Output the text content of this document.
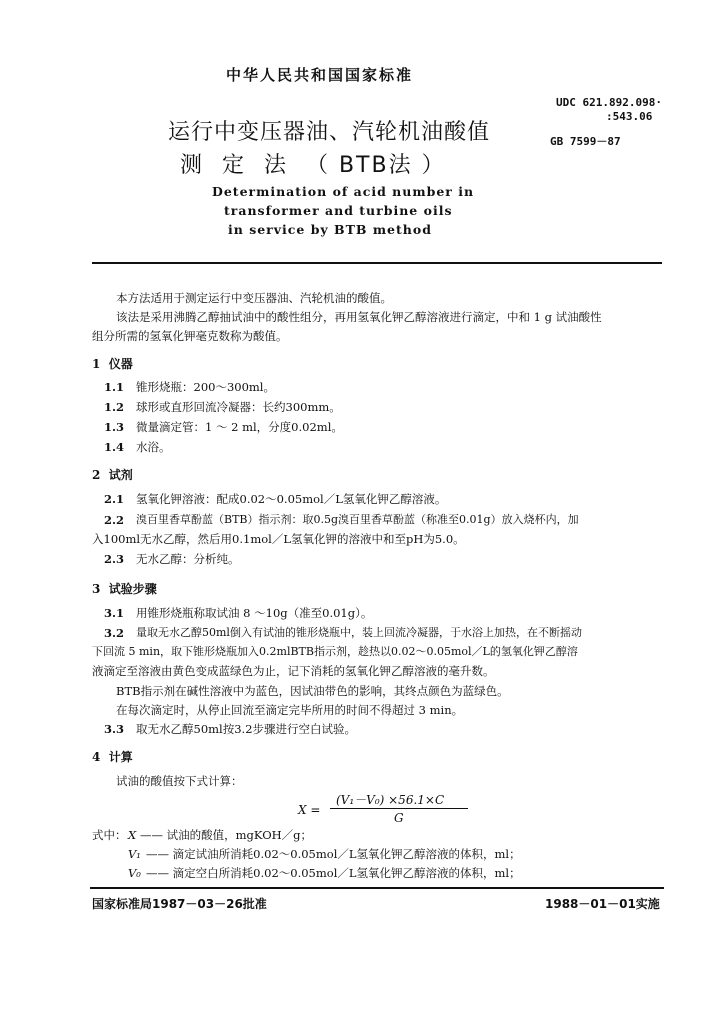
中华人民共和国国家标准
UDC 621.892.098·
:543.06
GB 7599－87
运行中变压器油、汽轮机油酸值
测  定  法  （ BTB法 ）
Determination of acid number in
transformer and turbine oils
in service by BTB method
本方法适用于测定运行中变压器油、汽轮机油的酸值。
该法是采用沸腾乙醇抽试油中的酸性组分，再用氢氧化钾乙醇溶液进行滴定，中和 1 g 试油酸性
组分所需的氢氧化钾毫克数称为酸值。
1  仪器
1.1 锥形烧瓶：200～300ml。
1.2 球形或直形回流冷凝器：长约300mm。
1.3 微量滴定管：1 ～ 2 ml，分度0.02ml。
1.4 水浴。
2  试剂
2.1 氢氧化钾溶液：配成0.02～0.05mol／L氢氧化钾乙醇溶液。
2.2 溴百里香草酚蓝（BTB）指示剂：取0.5g溴百里香草酚蓝（称准至0.01g）放入烧杯内，加
入100ml无水乙醇，然后用0.1mol／L氢氧化钾的溶液中和至pH为5.0。
2.3 无水乙醇：分析纯。
3  试验步骤
3.1 用锥形烧瓶称取试油 8 ～10g（准至0.01g）。
3.2 量取无水乙醇50ml倒入有试油的锥形烧瓶中，装上回流冷凝器，于水浴上加热，在不断摇动
下回流 5 min，取下锥形烧瓶加入0.2mlBTB指示剂，趁热以0.02～0.05mol／L的氢氧化钾乙醇溶
液滴定至溶液由黄色变成蓝绿色为止，记下消耗的氢氧化钾乙醇溶液的毫升数。
BTB指示剂在碱性溶液中为蓝色，因试油带色的影响，其终点颜色为蓝绿色。
在每次滴定时，从停止回流至滴定完毕所用的时间不得超过 3 min。
3.3 取无水乙醇50ml按3.2步骤进行空白试验。
4  计算
试油的酸值按下式计算：
X =
(V₁－V₀) ×56.1×C
G
式中： X —— 试油的酸值，mgKOH／g；
V₁ —— 滴定试油所消耗0.02～0.05mol／L氢氧化钾乙醇溶液的体积，ml；
V₀ —— 滴定空白所消耗0.02～0.05mol／L氢氧化钾乙醇溶液的体积，ml；
国家标准局1987－03－26批准	1988－01－01实施
